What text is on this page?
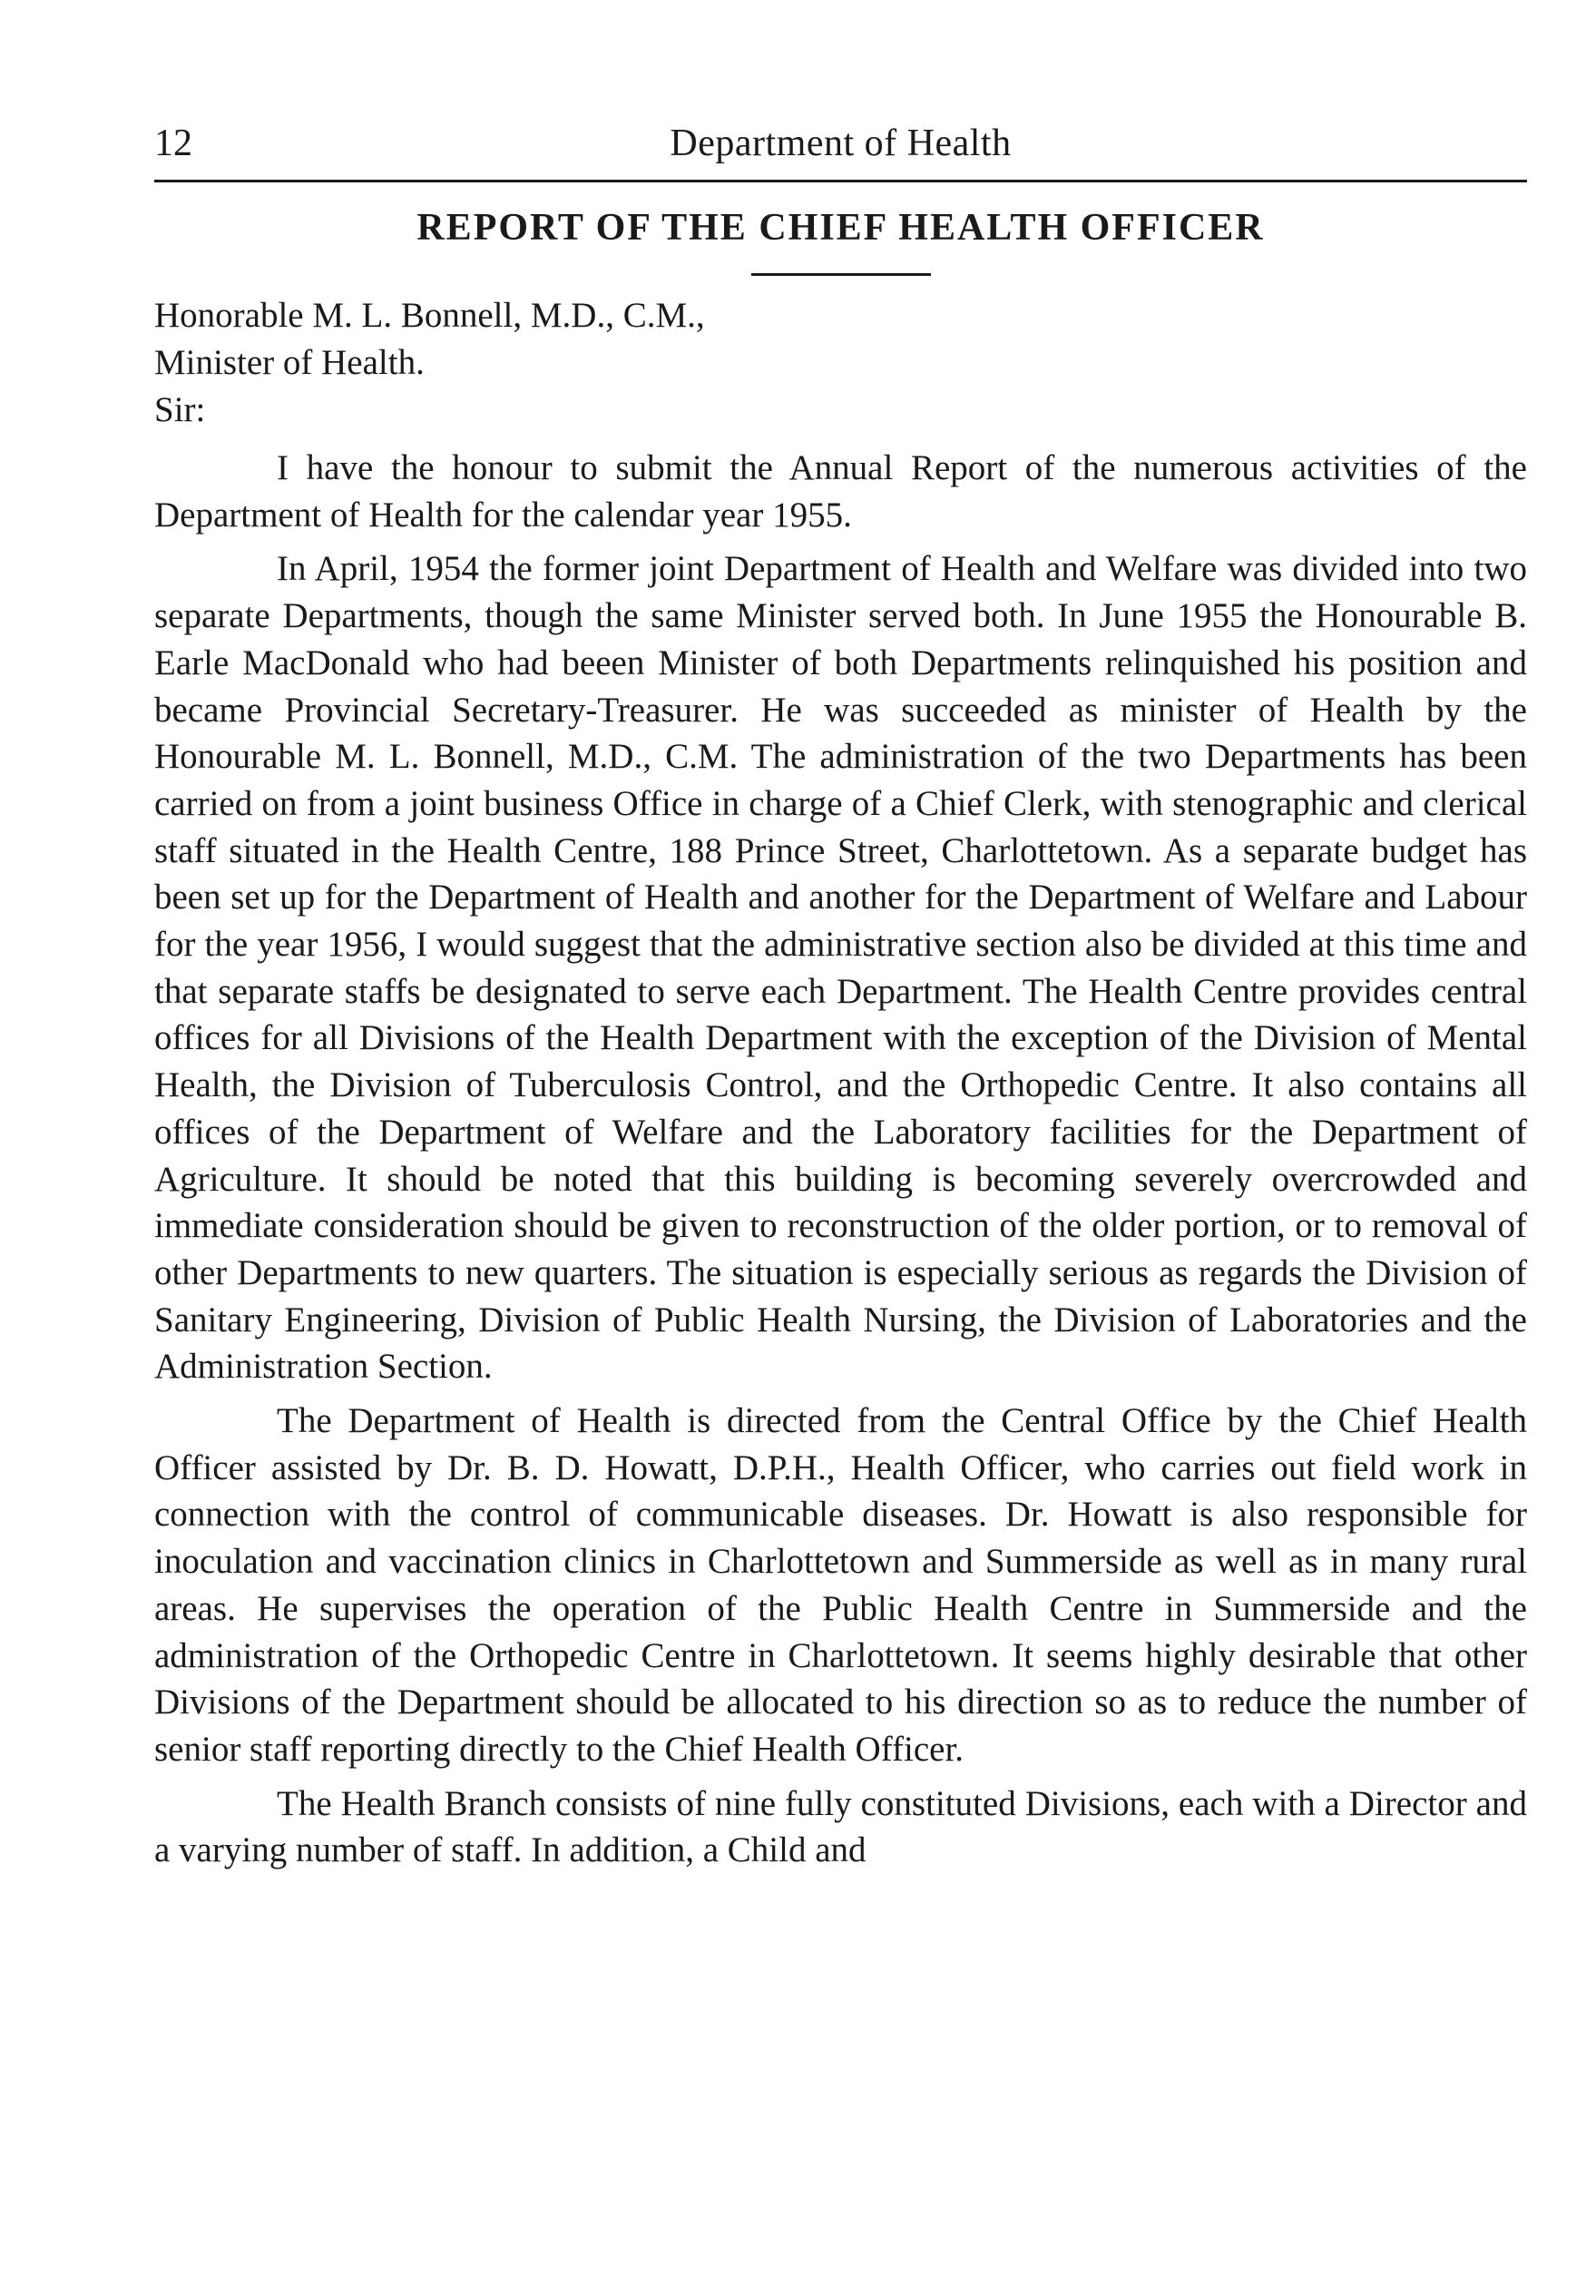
12	Department of Health
REPORT OF THE CHIEF HEALTH OFFICER
Honorable M. L. Bonnell, M.D., C.M.,
Minister of Health.
Sir:

I have the honour to submit the Annual Report of the numerous activities of the Department of Health for the calendar year 1955.

In April, 1954 the former joint Department of Health and Welfare was divided into two separate Departments, though the same Minister served both. In June 1955 the Honourable B. Earle MacDonald who had beeen Minister of both Departments relinquished his position and became Provincial Secretary-Treasurer. He was succeeded as minister of Health by the Honourable M. L. Bonnell, M.D., C.M. The administration of the two Departments has been carried on from a joint business Office in charge of a Chief Clerk, with stenographic and clerical staff situated in the Health Centre, 188 Prince Street, Charlottetown. As a separate budget has been set up for the Department of Health and another for the Department of Welfare and Labour for the year 1956, I would suggest that the administrative section also be divided at this time and that separate staffs be designated to serve each Department. The Health Centre provides central offices for all Divisions of the Health Department with the exception of the Division of Mental Health, the Division of Tuberculosis Control, and the Orthopedic Centre. It also contains all offices of the Department of Welfare and the Laboratory facilities for the Department of Agriculture. It should be noted that this building is becoming severely overcrowded and immediate consideration should be given to reconstruction of the older portion, or to removal of other Departments to new quarters. The situation is especially serious as regards the Division of Sanitary Engineering, Division of Public Health Nursing, the Division of Laboratories and the Administration Section.

The Department of Health is directed from the Central Office by the Chief Health Officer assisted by Dr. B. D. Howatt, D.P.H., Health Officer, who carries out field work in connection with the control of communicable diseases. Dr. Howatt is also responsible for inoculation and vaccination clinics in Charlottetown and Summerside as well as in many rural areas. He supervises the operation of the Public Health Centre in Summerside and the administration of the Orthopedic Centre in Charlottetown. It seems highly desirable that other Divisions of the Department should be allocated to his direction so as to reduce the number of senior staff reporting directly to the Chief Health Officer.

The Health Branch consists of nine fully constituted Divisions, each with a Director and a varying number of staff. In addition, a Child and
